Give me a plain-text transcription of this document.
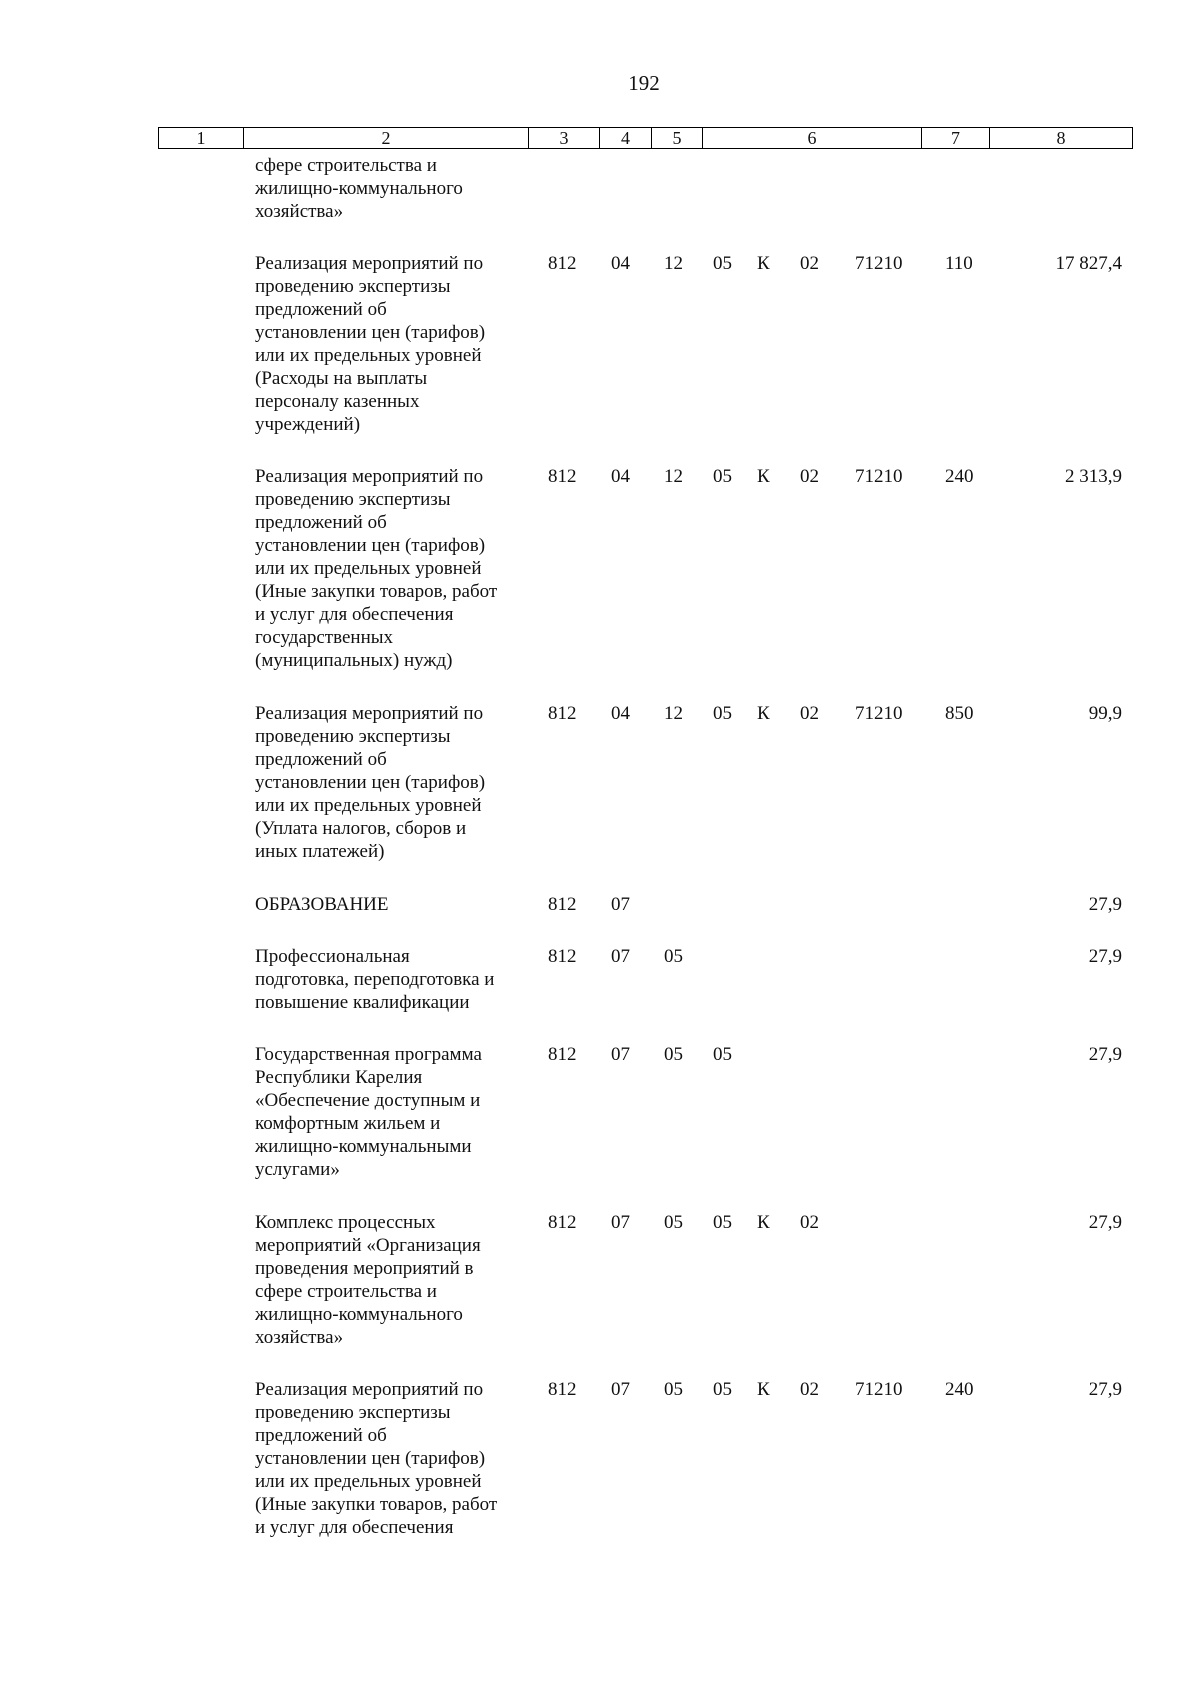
192
1	2	3	4	5	6	7	8
сфере строительства и
жилищно-коммунального
хозяйства»
Реализация мероприятий по
проведению экспертизы
предложений об
установлении цен (тарифов)
или их предельных уровней
(Расходы на выплаты
персоналу казенных
учреждений)
812 04 12 05 К 02 71210 110	17 827,4
Реализация мероприятий по
проведению экспертизы
предложений об
установлении цен (тарифов)
или их предельных уровней
(Иные закупки товаров, работ
и услуг для обеспечения
государственных
(муниципальных) нужд)
812 04 12 05 К 02 71210 240	2 313,9
Реализация мероприятий по
проведению экспертизы
предложений об
установлении цен (тарифов)
или их предельных уровней
(Уплата налогов, сборов и
иных платежей)
812 04 12 05 К 02 71210 850	99,9
ОБРАЗОВАНИЕ	812 07	27,9
Профессиональная
подготовка, переподготовка и
повышение квалификации
812 07 05	27,9
Государственная программа
Республики Карелия
«Обеспечение доступным и
комфортным жильем и
жилищно-коммунальными
услугами»
812 07 05 05	27,9
Комплекс процессных
мероприятий «Организация
проведения мероприятий в
сфере строительства и
жилищно-коммунального
хозяйства»
812 07 05 05 К 02	27,9
Реализация мероприятий по
проведению экспертизы
предложений об
установлении цен (тарифов)
или их предельных уровней
(Иные закупки товаров, работ
и услуг для обеспечения
812 07 05 05 К 02 71210 240	27,9
